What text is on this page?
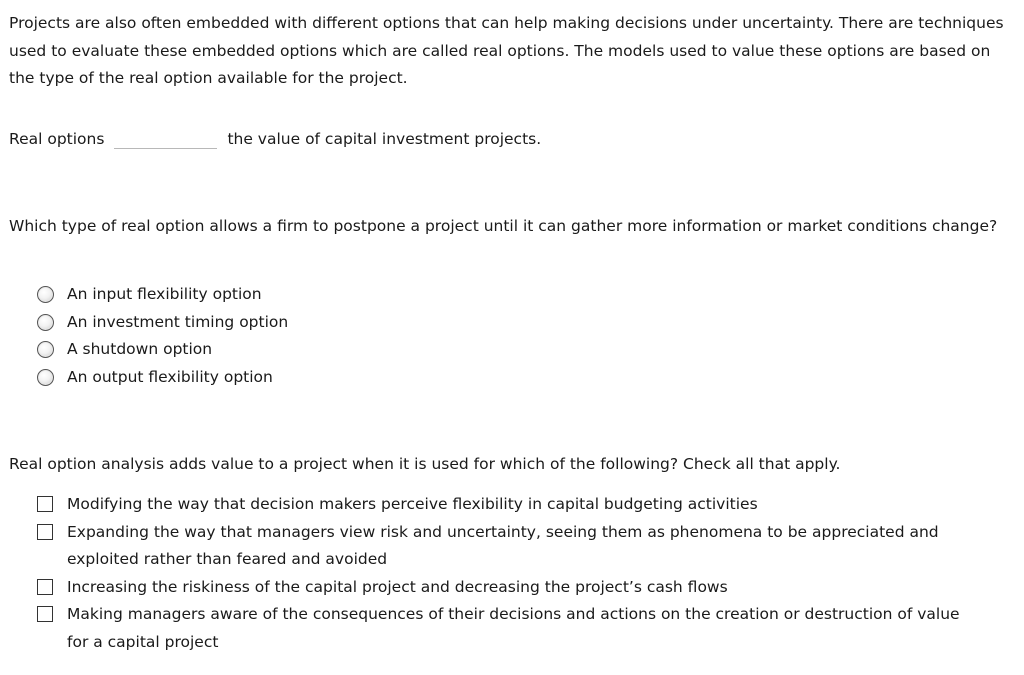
Projects are also often embedded with different options that can help making decisions under uncertainty. There are techniques used to evaluate these embedded options which are called real options. The models used to value these options are based on the type of the real option available for the project.

Real options	the value of capital investment projects.

Which type of real option allows a firm to postpone a project until it can gather more information or market conditions change?

An input flexibility option
An investment timing option
A shutdown option
An output flexibility option

Real option analysis adds value to a project when it is used for which of the following? Check all that apply.

Modifying the way that decision makers perceive flexibility in capital budgeting activities
Expanding the way that managers view risk and uncertainty, seeing them as phenomena to be appreciated and exploited rather than feared and avoided
Increasing the riskiness of the capital project and decreasing the project’s cash flows
Making managers aware of the consequences of their decisions and actions on the creation or destruction of value for a capital project
